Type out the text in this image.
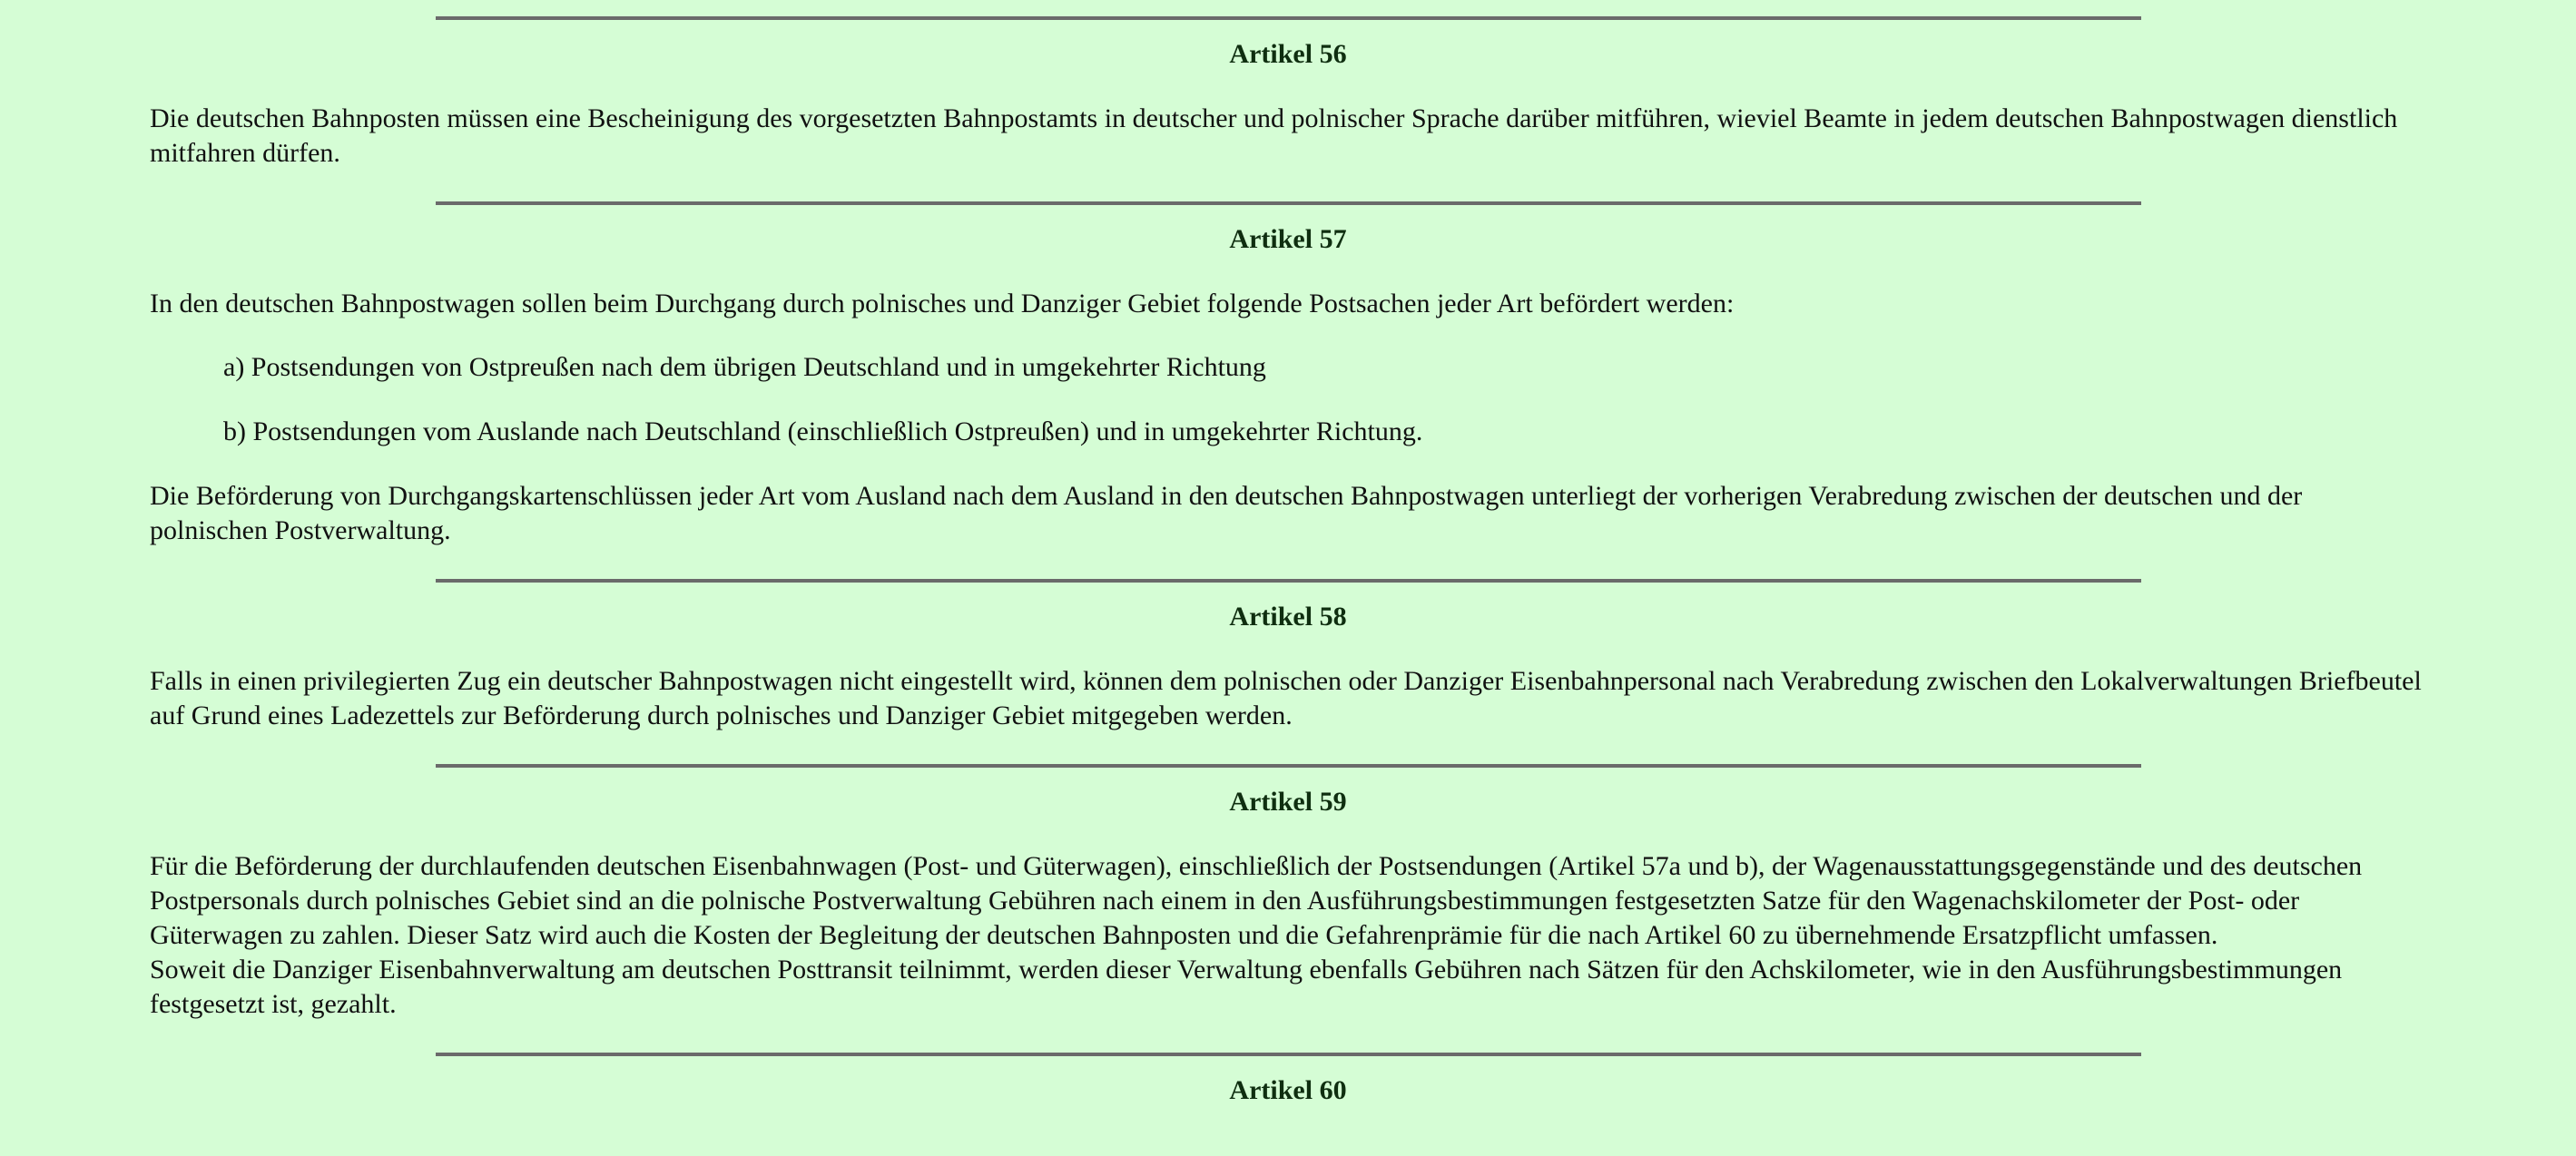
Artikel 56

Die deutschen Bahnposten müssen eine Bescheinigung des vorgesetzten Bahnpostamts in deutscher und polnischer Sprache darüber mitführen, wieviel Beamte in jedem deutschen Bahnpostwagen dienstlich mitfahren dürfen.

Artikel 57

In den deutschen Bahnpostwagen sollen beim Durchgang durch polnisches und Danziger Gebiet folgende Postsachen jeder Art befördert werden:

a) Postsendungen von Ostpreußen nach dem übrigen Deutschland und in umgekehrter Richtung

b) Postsendungen vom Auslande nach Deutschland (einschließlich Ostpreußen) und in umgekehrter Richtung.

Die Beförderung von Durchgangskartenschlüssen jeder Art vom Ausland nach dem Ausland in den deutschen Bahnpostwagen unterliegt der vorherigen Verabredung zwischen der deutschen und der polnischen Postverwaltung.

Artikel 58

Falls in einen privilegierten Zug ein deutscher Bahnpostwagen nicht eingestellt wird, können dem polnischen oder Danziger Eisenbahnpersonal nach Verabredung zwischen den Lokalverwaltungen Briefbeutel auf Grund eines Ladezettels zur Beförderung durch polnisches und Danziger Gebiet mitgegeben werden.

Artikel 59

Für die Beförderung der durchlaufenden deutschen Eisenbahnwagen (Post- und Güterwagen), einschließlich der Postsendungen (Artikel 57a und b), der Wagenausstattungsgegenstände und des deutschen Postpersonals durch polnisches Gebiet sind an die polnische Postverwaltung Gebühren nach einem in den Ausführungsbestimmungen festgesetzten Satze für den Wagenachskilometer der Post- oder Güterwagen zu zahlen. Dieser Satz wird auch die Kosten der Begleitung der deutschen Bahnposten und die Gefahrenprämie für die nach Artikel 60 zu übernehmende Ersatzpflicht umfassen.

Soweit die Danziger Eisenbahnverwaltung am deutschen Posttransit teilnimmt, werden dieser Verwaltung ebenfalls Gebühren nach Sätzen für den Achskilometer, wie in den Ausführungsbestimmungen festgesetzt ist, gezahlt.

Artikel 60
